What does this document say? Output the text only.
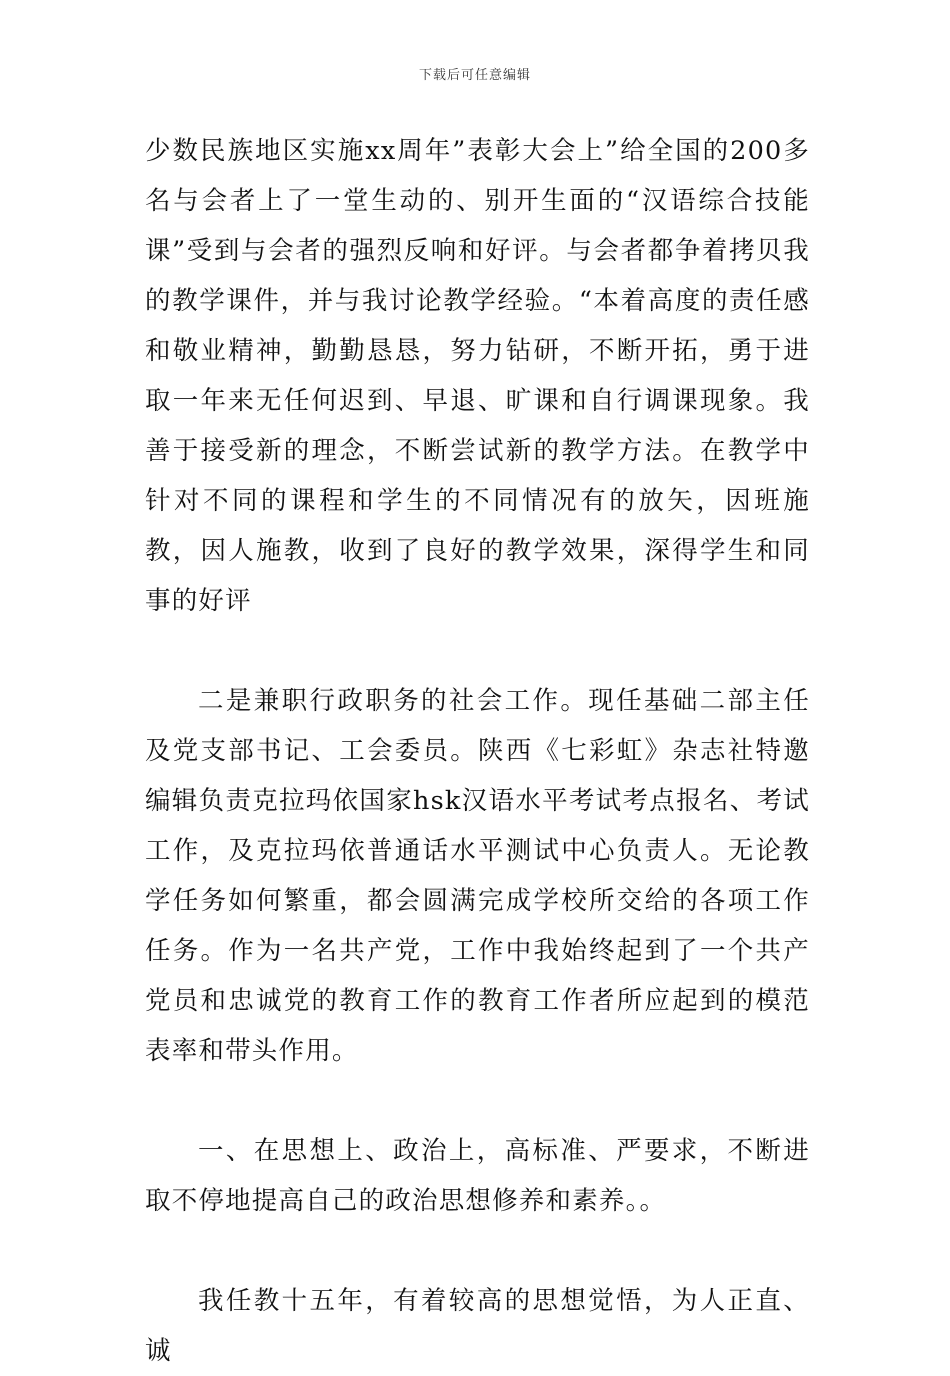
下载后可任意编辑

少数民族地区实施xx周年”表彰大会上”给全国的200多名与会者上了一堂生动的、别开生面的“汉语综合技能课”受到与会者的强烈反响和好评。与会者都争着拷贝我的教学课件，并与我讨论教学经验。“本着高度的责任感和敬业精神，勤勤恳恳，努力钻研，不断开拓，勇于进取一年来无任何迟到、早退、旷课和自行调课现象。我善于接受新的理念，不断尝试新的教学方法。在教学中针对不同的课程和学生的不同情况有的放矢，因班施教，因人施教，收到了良好的教学效果，深得学生和同事的好评

二是兼职行政职务的社会工作。现任基础二部主任及党支部书记、工会委员。陕西《七彩虹》杂志社特邀编辑负责克拉玛依国家hsk汉语水平考试考点报名、考试工作，及克拉玛依普通话水平测试中心负责人。无论教学任务如何繁重，都会圆满完成学校所交给的各项工作任务。作为一名共产党，工作中我始终起到了一个共产党员和忠诚党的教育工作的教育工作者所应起到的模范表率和带头作用。

一、在思想上、政治上，高标准、严要求，不断进取不停地提高自己的政治思想修养和素养。。

我任教十五年，有着较高的思想觉悟，为人正直、诚
